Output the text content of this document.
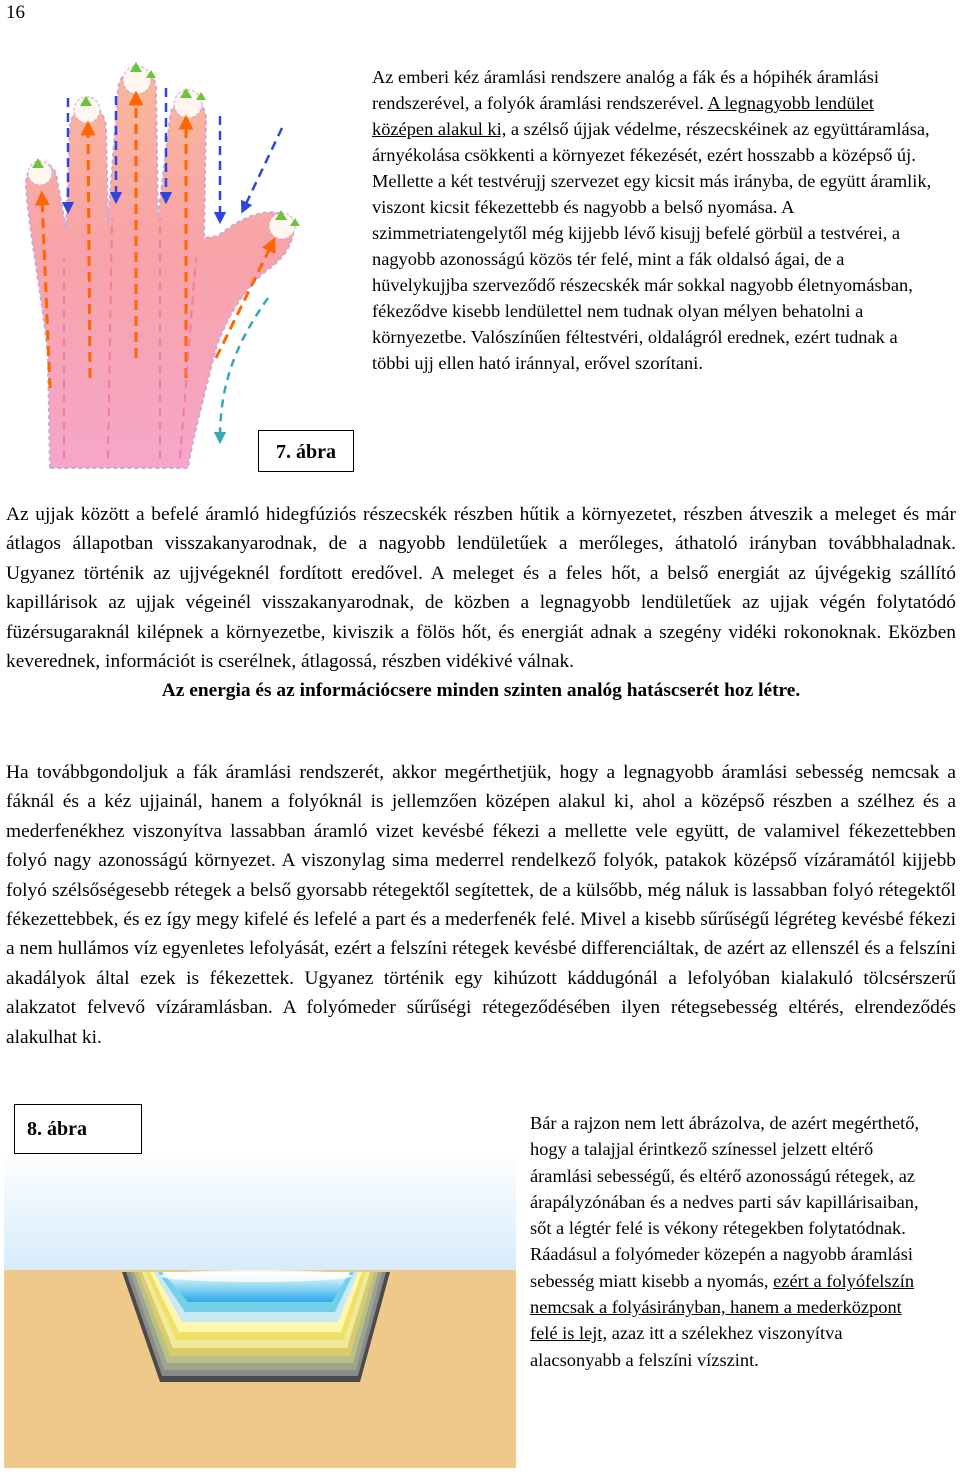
16
7. ábra
Az emberi kéz áramlási rendszere analóg a fák és a hópihék áramlási rendszerével, a folyók áramlási rendszerével. A legnagyobb lendület középen alakul ki, a szélső újjak védelme, részecskéinek az együttáramlása, árnyékolása csökkenti a környezet fékezését, ezért hosszabb a középső új. Mellette a két testvérujj szervezet egy kicsit más irányba, de együtt áramlik, viszont kicsit fékezettebb és nagyobb a belső nyomása. A szimmetriatengelytől még kijjebb lévő kisujj befelé görbül a testvérei, a nagyobb azonosságú közös tér felé, mint a fák oldalsó ágai, de a hüvelykujjba szerveződő részecskék már sokkal nagyobb életnyomásban, fékeződve kisebb lendülettel nem tudnak olyan mélyen behatolni a környezetbe. Valószínűen féltestvéri, oldalágról erednek, ezért tudnak a többi ujj ellen ható iránnyal, erővel szorítani.
Az ujjak között a befelé áramló hidegfúziós részecskék részben hűtik a környezetet, részben átveszik a meleget és már átlagos állapotban visszakanyarodnak, de a nagyobb lendületűek a merőleges, áthatoló irányban továbbhaladnak. Ugyanez történik az ujjvégeknél fordított eredővel. A meleget és a feles hőt, a belső energiát az újvégekig szállító kapillárisok az ujjak végeinél visszakanyarodnak, de közben a legnagyobb lendületűek az ujjak végén folytatódó füzérsugaraknál kilépnek a környezetbe, kiviszik a fölös hőt, és energiát adnak a szegény vidéki rokonoknak. Eközben keverednek, információt is cserélnek, átlagossá, részben vidékivé válnak.
Az energia és az információcsere minden szinten analóg hatáscserét hoz létre.
Ha továbbgondoljuk a fák áramlási rendszerét, akkor megérthetjük, hogy a legnagyobb áramlási sebesség nemcsak a fáknál és a kéz ujjainál, hanem a folyóknál is jellemzően középen alakul ki, ahol a középső részben a szélhez és a mederfenékhez viszonyítva lassabban áramló vizet kevésbé fékezi a mellette vele együtt, de valamivel fékezettebben folyó nagy azonosságú környezet. A viszonylag sima mederrel rendelkező folyók, patakok középső vízáramától kijjebb folyó szélsőségesebb rétegek a belső gyorsabb rétegektől segítettek, de a külsőbb, még náluk is lassabban folyó rétegektől fékezettebbek, és ez így megy kifelé és lefelé a part és a mederfenék felé. Mivel a kisebb sűrűségű légréteg kevésbé fékezi a nem hullámos víz egyenletes lefolyását, ezért a felszíni rétegek kevésbé differenciáltak, de azért az ellenszél és a felszíni akadályok által ezek is fékezettek. Ugyanez történik egy kihúzott káddugónál a lefolyóban kialakuló tölcsérszerű alakzatot felvevő vízáramlásban. A folyómeder sűrűségi rétegeződésében ilyen rétegsebesség eltérés, elrendeződés alakulhat ki.
8. ábra	Bár a rajzon nem lett ábrázolva, de azért megérthető, hogy a talajjal érintkező színessel jelzett eltérő áramlási sebességű, és eltérő azonosságú rétegek, az árapályzónában és a nedves parti sáv kapillárisaiban, sőt a légtér felé is vékony rétegekben folytatódnak. Ráadásul a folyómeder közepén a nagyobb áramlási sebesség miatt kisebb a nyomás, ezért a folyófelszín nemcsak a folyásirányban, hanem a mederközpont felé is lejt, azaz itt a szélekhez viszonyítva alacsonyabb a felszíni vízszint.
